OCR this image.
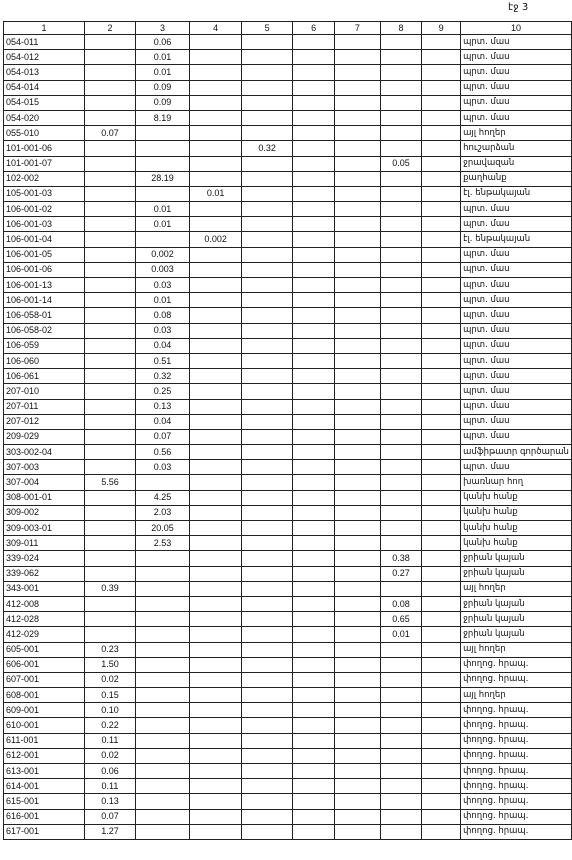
էջ 3
1	2	3	4	5	6	7	8	9	10
054-011		0.06							պրտ. մաս
054-012		0.01							պրտ. մաս
054-013		0.01							պրտ. մաս
054-014		0.09							պրտ. մաս
054-015		0.09							պրտ. մաս
054-020		8.19							պրտ. մաս
055-010	0.07								այլ հողեր
101-001-06				0.32					հուշարձան
101-001-07							0.05		ջրավազան
102-002		28.19							քաղհանք
105-001-03			0.01						էլ. ենթակայան
106-001-02		0.01							պրտ. մաս
106-001-03		0.01							պրտ. մաս
106-001-04			0.002						էլ. ենթակայան
106-001-05		0.002							պրտ. մաս
106-001-06		0.003							պրտ. մաս
106-001-13		0.03							պրտ. մաս
106-001-14		0.01							պրտ. մաս
106-058-01		0.08							պրտ. մաս
106-058-02		0.03							պրտ. մաս
106-059		0.04							պրտ. մաս
106-060		0.51							պրտ. մաս
106-061		0.32							պրտ. մաս
207-010		0.25							պրտ. մաս
207-011		0.13							պրտ. մաս
207-012		0.04							պրտ. մաս
209-029		0.07							պրտ. մաս
303-002-04		0.56							ամֆիթատր գործարան
307-003		0.03							պրտ. մաս
307-004	5.56								խառնար հող
308-001-01		4.25							կանխ հանք
309-002		2.03							կանխ հանք
309-003-01		20.05							կանխ հանք
309-011		2.53							կանխ հանք
339-024							0.38		ջրիան կայան
339-062							0.27		ջրիան կայան
343-001	0.39								այլ հողեր
412-008							0.08		ջրիան կայան
412-028							0.65		ջրիան կայան
412-029							0.01		ջրիան կայան
605-001	0.23								այլ հողեր
606-001	1.50								փողոց. հրապ.
607-001	0.02								փողոց. հրապ.
608-001	0.15								այլ հողեր
609-001	0.10								փողոց. հրապ.
610-001	0.22								փողոց. հրապ.
611-001	0.11								փողոց. հրապ.
612-001	0.02								փողոց. հրապ.
613-001	0.06								փողոց. հրապ.
614-001	0.11								փողոց. հրապ.
615-001	0.13								փողոց. հրապ.
616-001	0.07								փողոց. հրապ.
617-001	1.27								փողոց. հրապ.
